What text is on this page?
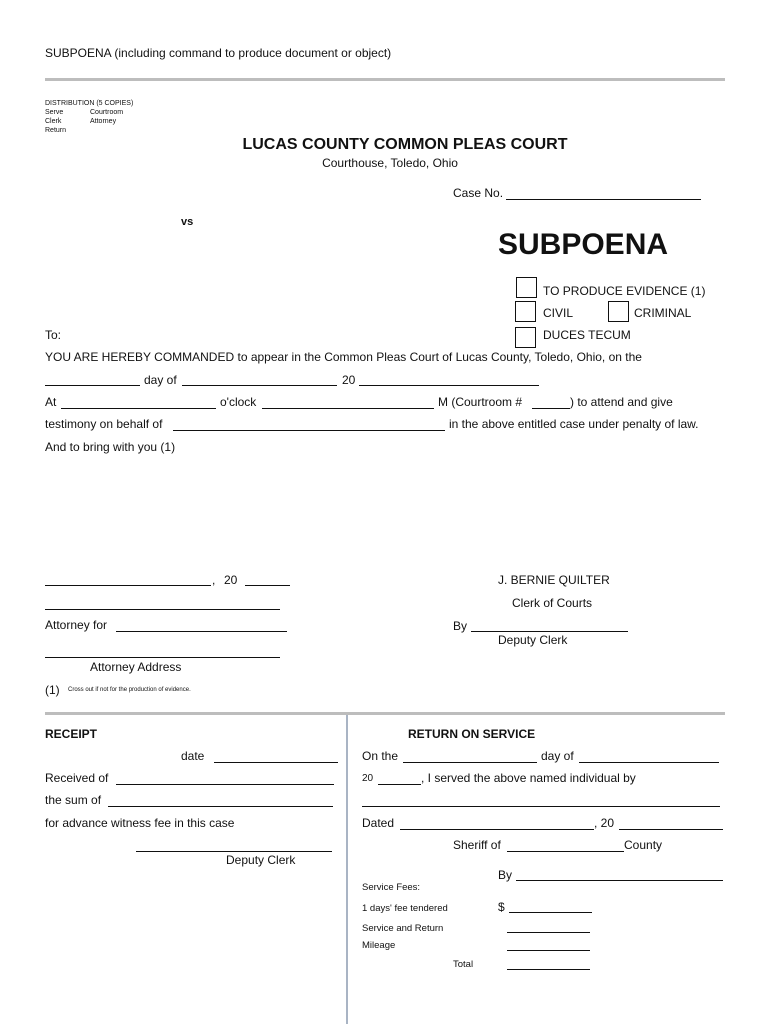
SUBPOENA (including command to produce document or object)
DISTRIBUTION (5 COPIES)
Serve
Clerk
Return
Courtroom
Attorney
LUCAS COUNTY COMMON PLEAS COURT
Courthouse, Toledo, Ohio
Case No.
vs
SUBPOENA
TO PRODUCE EVIDENCE (1)
CIVIL	CRIMINAL
DUCES TECUM
To:
YOU ARE HEREBY COMMANDED to appear in the Common Pleas Court of Lucas County, Toledo, Ohio, on the
day of	20
At	o'clock	M (Courtroom #	) to attend and give
testimony on behalf of	in the above entitled case under penalty of law.
And to bring with you (1)
, 20
Attorney for
Attorney Address
J. BERNIE QUILTER
Clerk of Courts
By
Deputy Clerk
(1) Cross out if not for the production of evidence.
RECEIPT
date
Received of
the sum of
for advance witness fee in this case
Deputy Clerk
RETURN ON SERVICE
On the	day of
20	, I served the above named individual by
Dated	, 20
Sheriff of	County
By
Service Fees:
1 days' fee tendered	$
Service and Return
Mileage
Total
